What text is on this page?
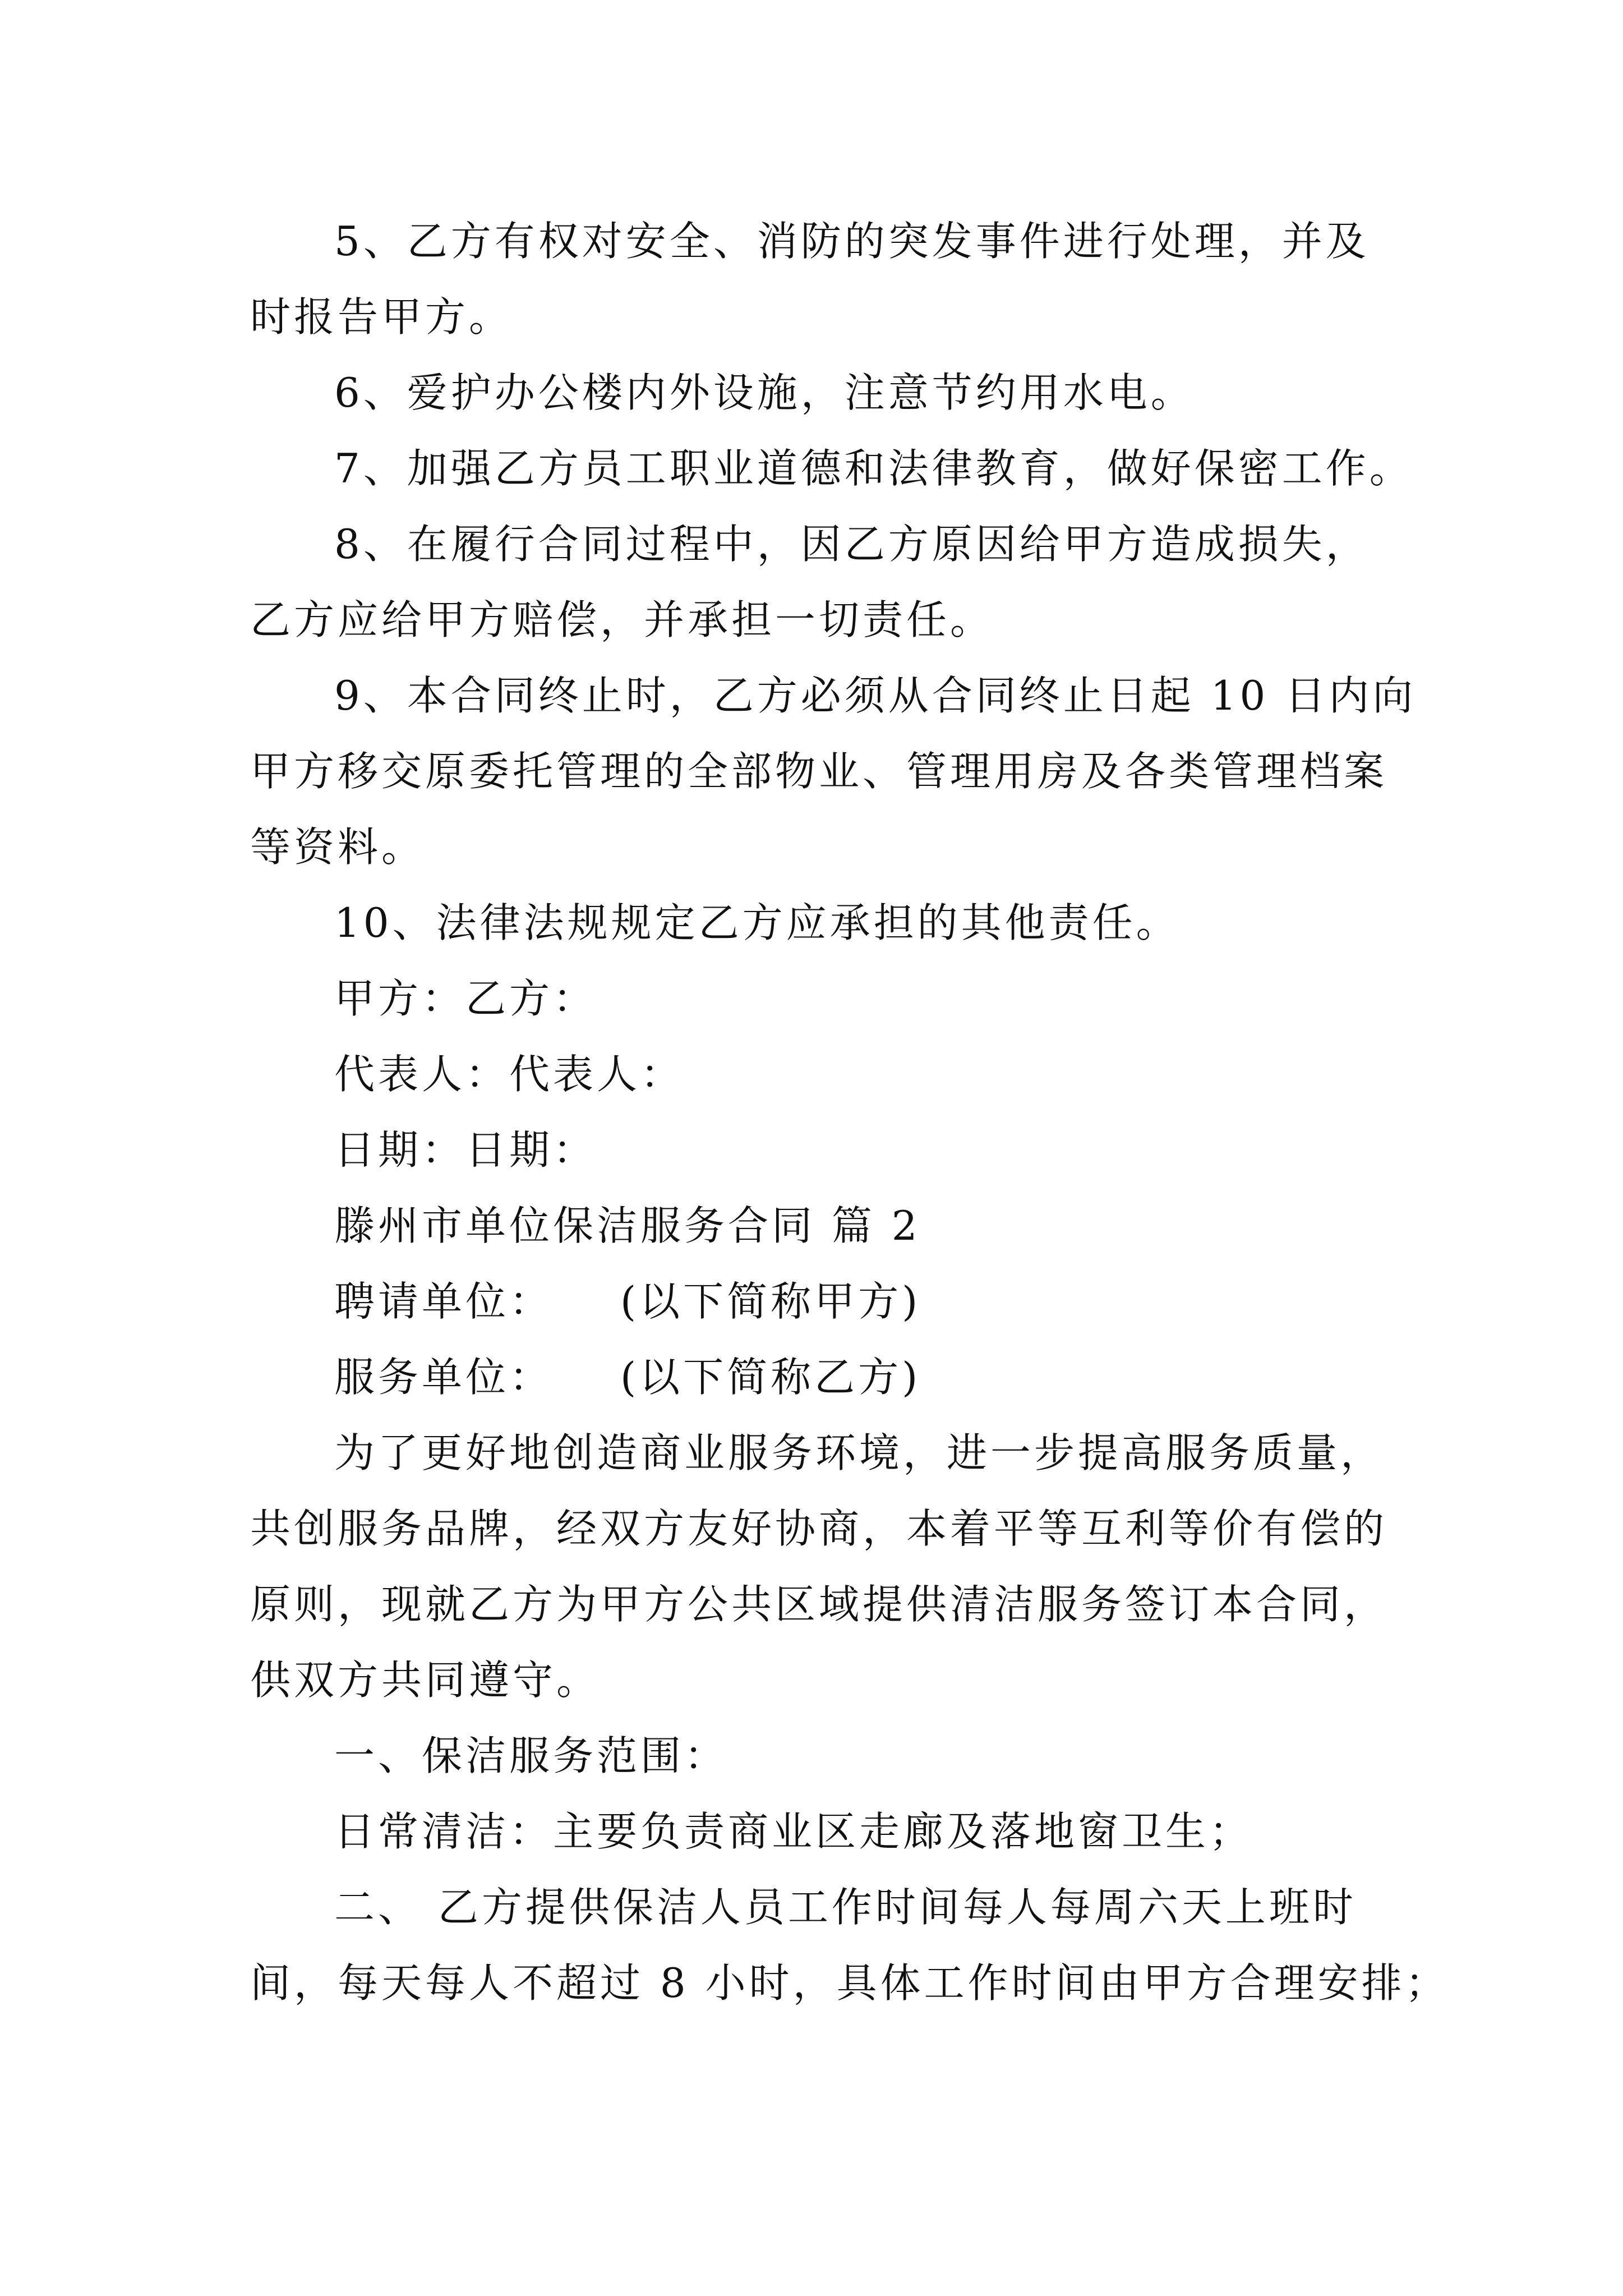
5、乙方有权对安全、消防的突发事件进行处理，并及
时报告甲方。
6、爱护办公楼内外设施，注意节约用水电。
7、加强乙方员工职业道德和法律教育，做好保密工作。
8、在履行合同过程中，因乙方原因给甲方造成损失，
乙方应给甲方赔偿，并承担一切责任。
9、本合同终止时，乙方必须从合同终止日起 10 日内向
甲方移交原委托管理的全部物业、管理用房及各类管理档案
等资料。
10、法律法规规定乙方应承担的其他责任。
甲方：乙方：
代表人：代表人：
日期：日期：
滕州市单位保洁服务合同 篇 2
聘请单位： (以下简称甲方)
服务单位： (以下简称乙方)
为了更好地创造商业服务环境，进一步提高服务质量，
共创服务品牌，经双方友好协商，本着平等互利等价有偿的
原则，现就乙方为甲方公共区域提供清洁服务签订本合同，
供双方共同遵守。
一、保洁服务范围：
日常清洁：主要负责商业区走廊及落地窗卫生；
二、 乙方提供保洁人员工作时间每人每周六天上班时
间，每天每人不超过 8 小时，具体工作时间由甲方合理安排；
